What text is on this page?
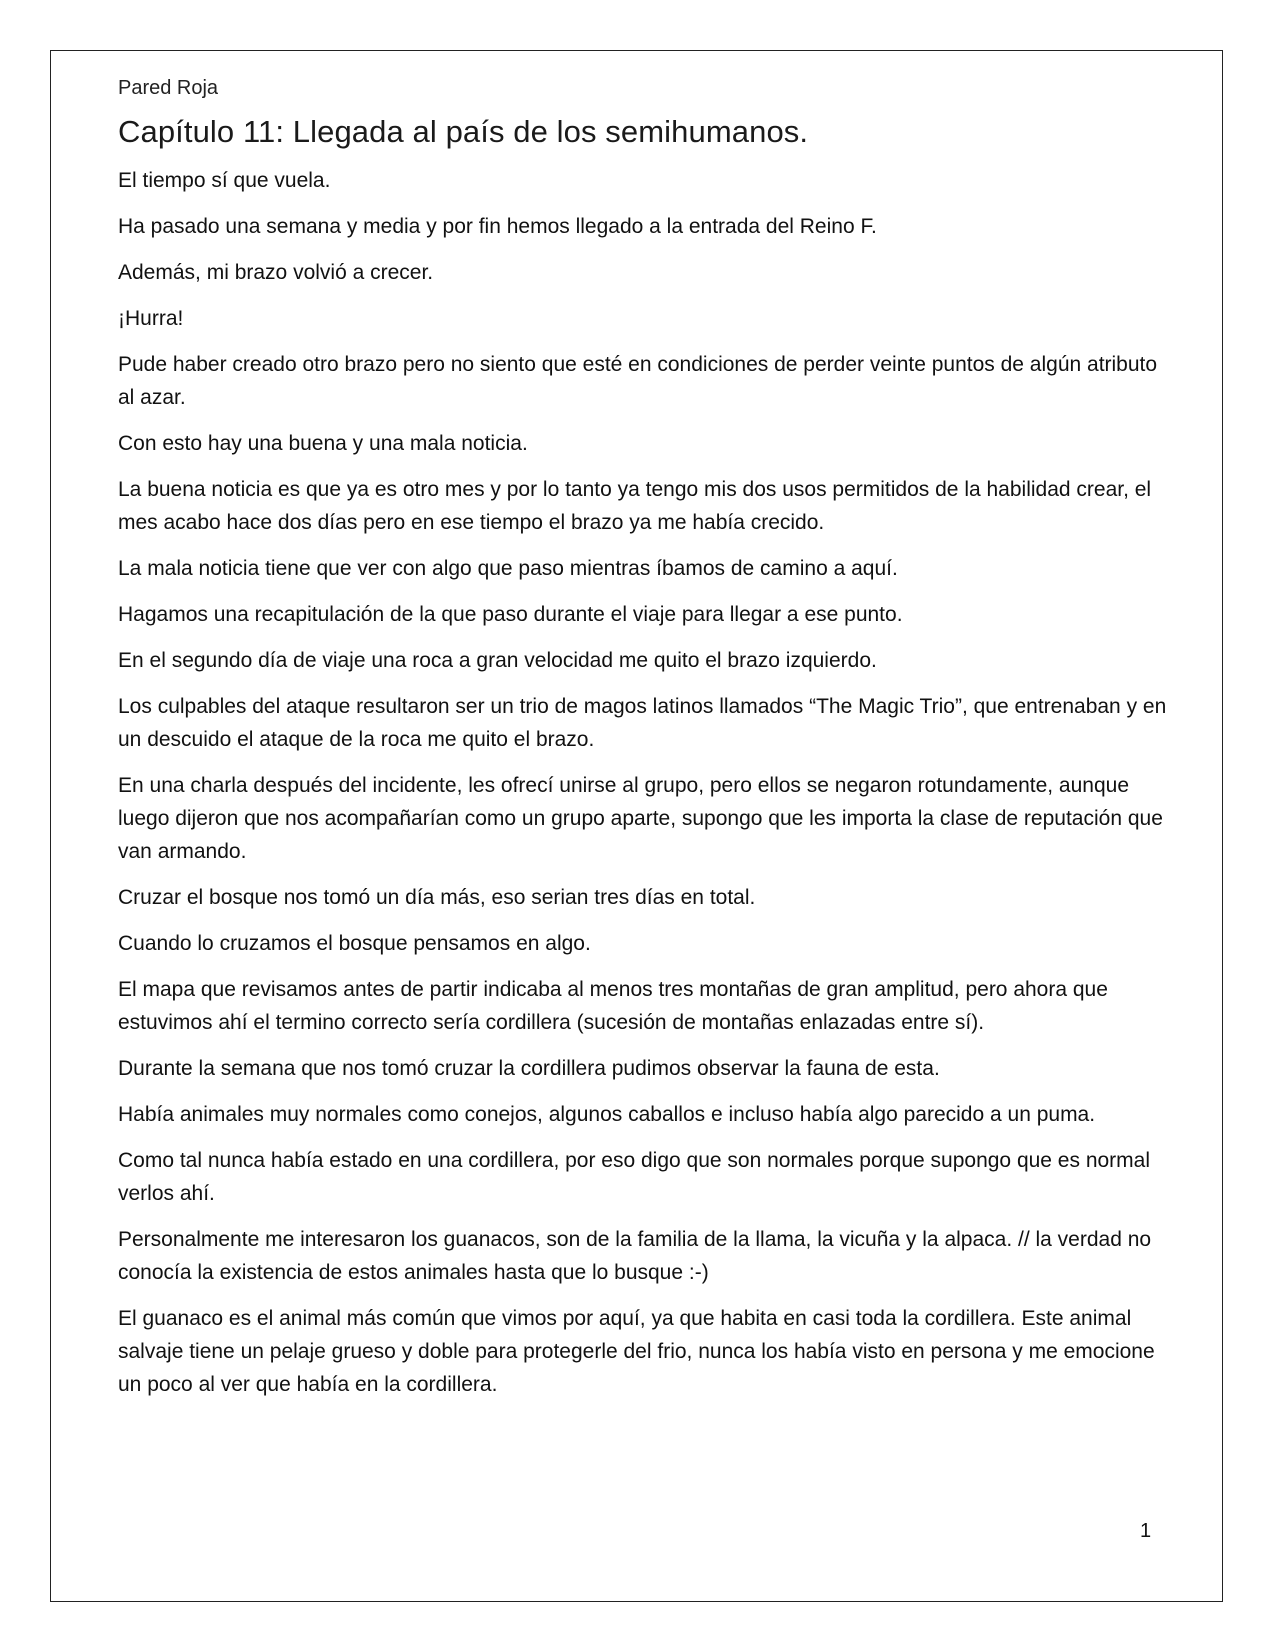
Pared Roja
Capítulo 11: Llegada al país de los semihumanos.

El tiempo sí que vuela.

Ha pasado una semana y media y por fin hemos llegado a la entrada del Reino F.

Además, mi brazo volvió a crecer.

¡Hurra!

Pude haber creado otro brazo pero no siento que esté en condiciones de perder veinte puntos de algún atributo al azar.

Con esto hay una buena y una mala noticia.

La buena noticia es que ya es otro mes y por lo tanto ya tengo mis dos usos permitidos de la habilidad crear, el mes acabo hace dos días pero en ese tiempo el brazo ya me había crecido.

La mala noticia tiene que ver con algo que paso mientras íbamos de camino a aquí.

Hagamos una recapitulación de la que paso durante el viaje para llegar a ese punto.

En el segundo día de viaje una roca a gran velocidad me quito el brazo izquierdo.

Los culpables del ataque resultaron ser un trio de magos latinos llamados “The Magic Trio”, que entrenaban y en un descuido el ataque de la roca me quito el brazo.

En una charla después del incidente, les ofrecí unirse al grupo, pero ellos se negaron rotundamente, aunque luego dijeron que nos acompañarían como un grupo aparte, supongo que les importa la clase de reputación que van armando.

Cruzar el bosque nos tomó un día más, eso serian tres días en total.

Cuando lo cruzamos el bosque pensamos en algo.

El mapa que revisamos antes de partir indicaba al menos tres montañas de gran amplitud, pero ahora que estuvimos ahí el termino correcto sería cordillera (sucesión de montañas enlazadas entre sí).

Durante la semana que nos tomó cruzar la cordillera pudimos observar la fauna de esta.

Había animales muy normales como conejos, algunos caballos e incluso había algo parecido a un puma.

Como tal nunca había estado en una cordillera, por eso digo que son normales porque supongo que es normal verlos ahí.

Personalmente me interesaron los guanacos, son de la familia de la llama, la vicuña y la alpaca. // la verdad no conocía la existencia de estos animales hasta que lo busque :-)

El guanaco es el animal más común que vimos por aquí, ya que habita en casi toda la cordillera. Este animal salvaje tiene un pelaje grueso y doble para protegerle del frio, nunca los había visto en persona y me emocione un poco al ver que había en la cordillera.

1
